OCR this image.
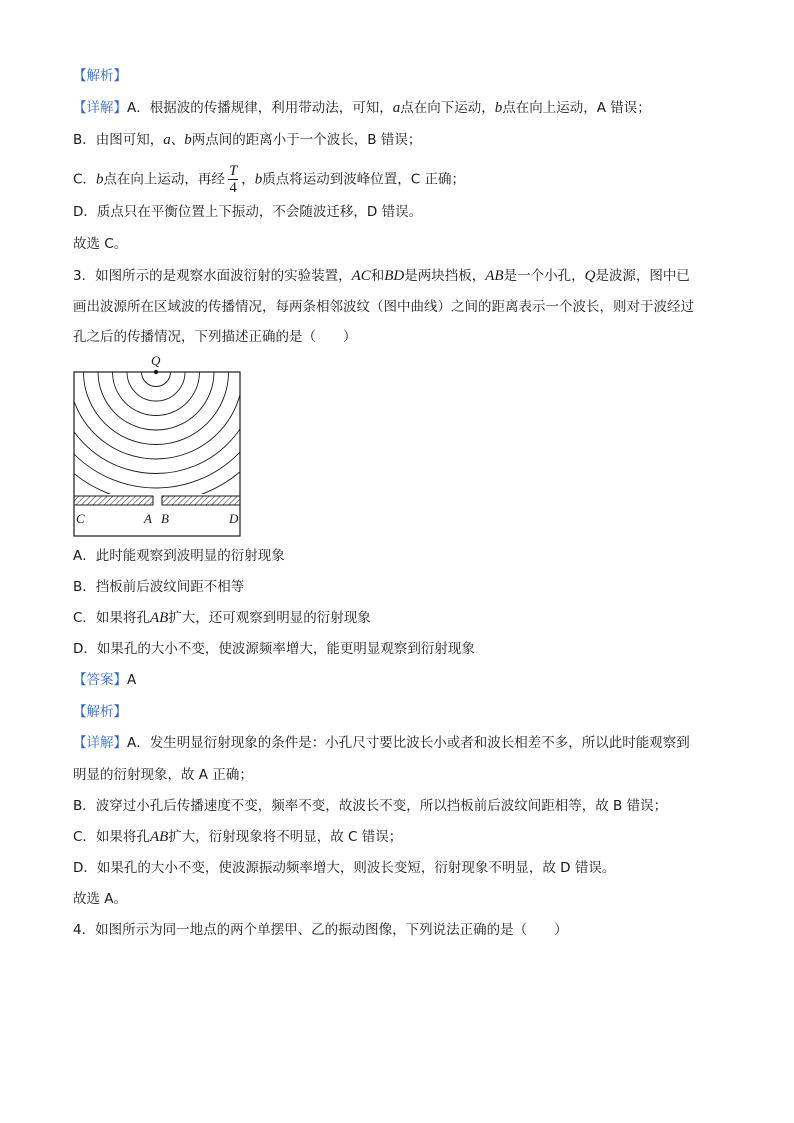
【解析】
【详解】A．根据波的传播规律，利用带动法，可知，a点在向下运动，b点在向上运动，A 错误；
B．由图可知，a、b两点间的距离小于一个波长，B 错误；
C．b点在向上运动，再经 $\frac{T}{4}$ ，b质点将运动到波峰位置，C 正确；
D．质点只在平衡位置上下振动，不会随波迁移，D 错误。
故选 C。
3．如图所示的是观察水面波衍射的实验装置，AC和BD是两块挡板，AB是一个小孔，Q是波源，图中已
画出波源所在区域波的传播情况，每两条相邻波纹（图中曲线）之间的距离表示一个波长，则对于波经过
孔之后的传播情况，下列描述正确的是（　　）
Q
C	A B	D
A．此时能观察到波明显的衍射现象
B．挡板前后波纹间距不相等
C．如果将孔AB扩大，还可观察到明显的衍射现象
D．如果孔的大小不变，使波源频率增大，能更明显观察到衍射现象
【答案】A
【解析】
【详解】A．发生明显衍射现象的条件是：小孔尺寸要比波长小或者和波长相差不多，所以此时能观察到
明显的衍射现象，故 A 正确；
B．波穿过小孔后传播速度不变，频率不变，故波长不变，所以挡板前后波纹间距相等，故 B 错误；
C．如果将孔AB扩大，衍射现象将不明显，故 C 错误；
D．如果孔的大小不变，使波源振动频率增大，则波长变短，衍射现象不明显，故 D 错误。
故选 A。
4．如图所示为同一地点的两个单摆甲、乙的振动图像，下列说法正确的是（　　）
